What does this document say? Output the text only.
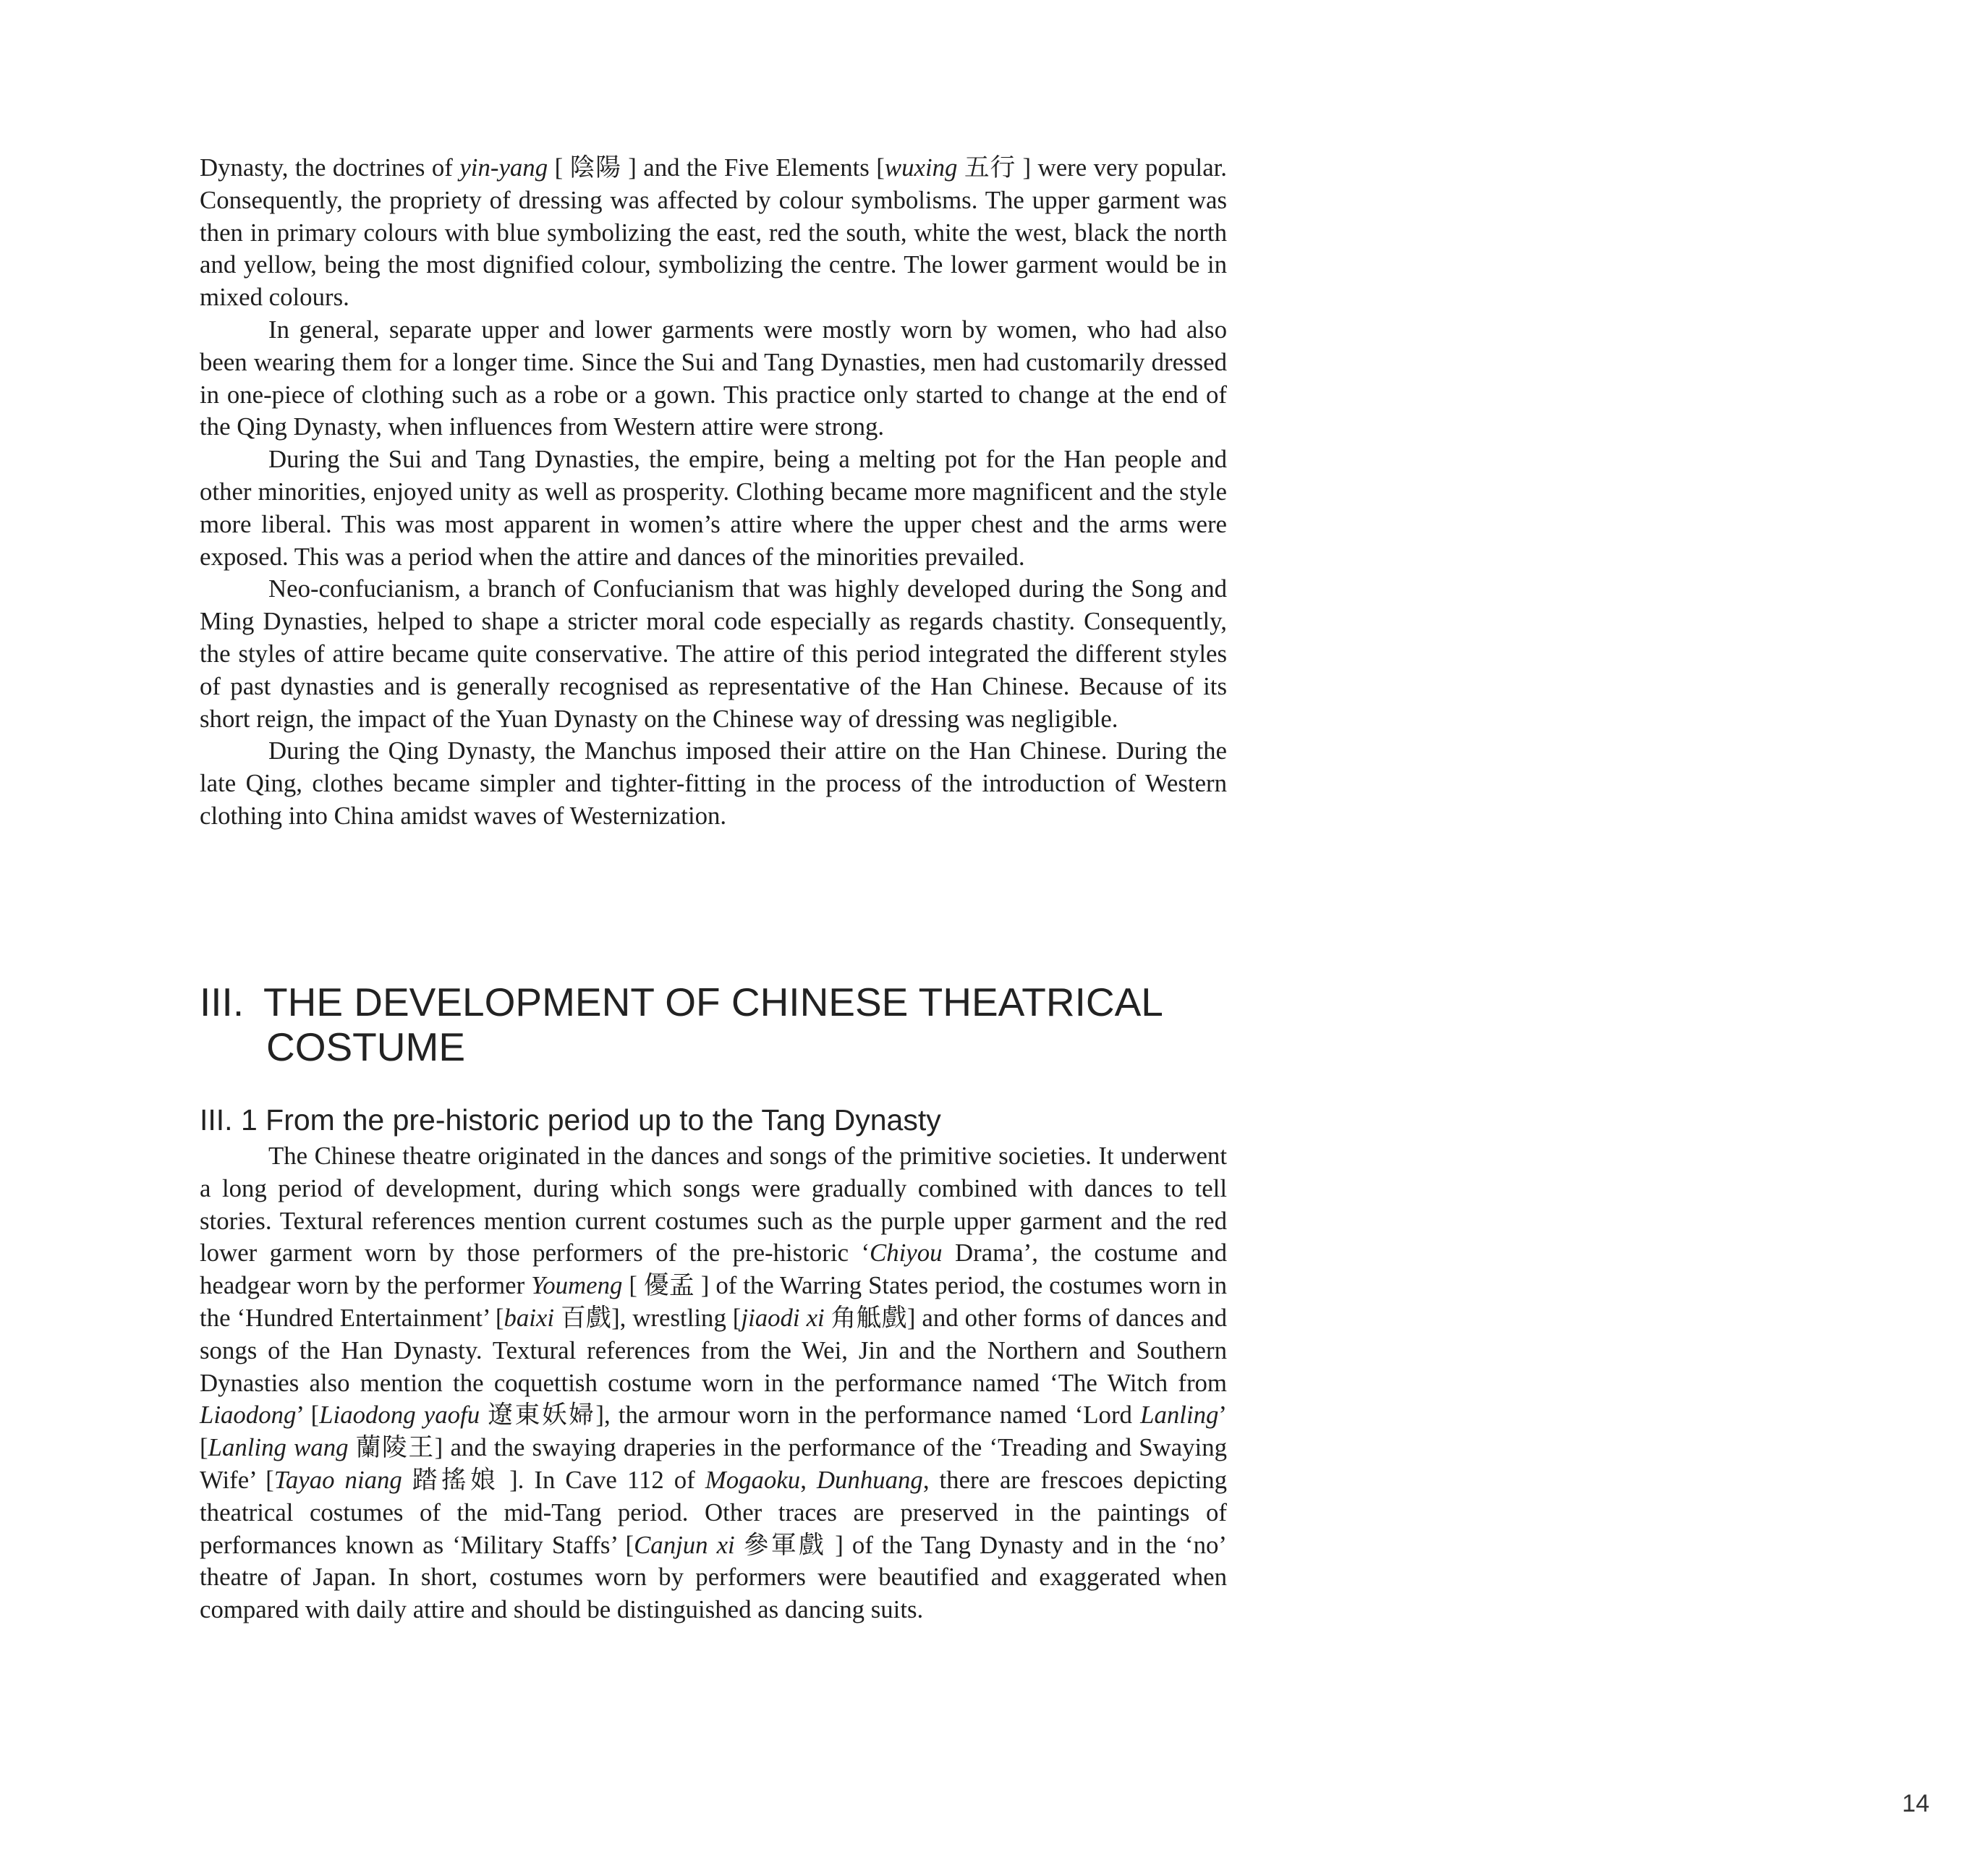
Dynasty, the doctrines of yin-yang [ 陰陽 ] and the Five Elements [wuxing 五行 ] were very popular. Consequently, the propriety of dressing was affected by colour symbolisms. The upper garment was then in primary colours with blue symbolizing the east, red the south, white the west, black the north and yellow, being the most dignified colour, symbolizing the centre. The lower garment would be in mixed colours.

In general, separate upper and lower garments were mostly worn by women, who had also been wearing them for a longer time. Since the Sui and Tang Dynasties, men had customarily dressed in one-piece of clothing such as a robe or a gown. This practice only started to change at the end of the Qing Dynasty, when influences from Western attire were strong.

During the Sui and Tang Dynasties, the empire, being a melting pot for the Han people and other minorities, enjoyed unity as well as prosperity. Clothing became more magnificent and the style more liberal. This was most apparent in women’s attire where the upper chest and the arms were exposed. This was a period when the attire and dances of the minorities prevailed.

Neo-confucianism, a branch of Confucianism that was highly developed during the Song and Ming Dynasties, helped to shape a stricter moral code especially as regards chastity. Consequently, the styles of attire became quite conservative. The attire of this period integrated the different styles of past dynasties and is generally recognised as representative of the Han Chinese. Because of its short reign, the impact of the Yuan Dynasty on the Chinese way of dressing was negligible.

During the Qing Dynasty, the Manchus imposed their attire on the Han Chinese. During the late Qing, clothes became simpler and tighter-fitting in the process of the introduction of Western clothing into China amidst waves of Westernization.

III. THE DEVELOPMENT OF CHINESE THEATRICAL
COSTUME
III. 1 From the pre-historic period up to the Tang Dynasty

The Chinese theatre originated in the dances and songs of the primitive societies. It underwent a long period of development, during which songs were gradually combined with dances to tell stories. Textural references mention current costumes such as the purple upper garment and the red lower garment worn by those performers of the pre-historic ‘Chiyou Drama’, the costume and headgear worn by the performer Youmeng [ 優孟 ] of the Warring States period, the costumes worn in the ‘Hundred Entertainment’ [baixi 百戲], wrestling [jiaodi xi 角觝戲] and other forms of dances and songs of the Han Dynasty. Textural references from the Wei, Jin and the Northern and Southern Dynasties also mention the coquettish costume worn in the performance named ‘The Witch from Liaodong’ [Liaodong yaofu 遼東妖婦], the armour worn in the performance named ‘Lord Lanling’ [Lanling wang 蘭陵王] and the swaying draperies in the performance of the ‘Treading and Swaying Wife’ [Tayao niang 踏搖娘 ]. In Cave 112 of Mogaoku, Dunhuang, there are frescoes depicting theatrical costumes of the mid-Tang period. Other traces are preserved in the paintings of performances known as ‘Military Staffs’ [Canjun xi 參軍戲 ] of the Tang Dynasty and in the ‘no’ theatre of Japan. In short, costumes worn by performers were beautified and exaggerated when compared with daily attire and should be distinguished as dancing suits.

14
